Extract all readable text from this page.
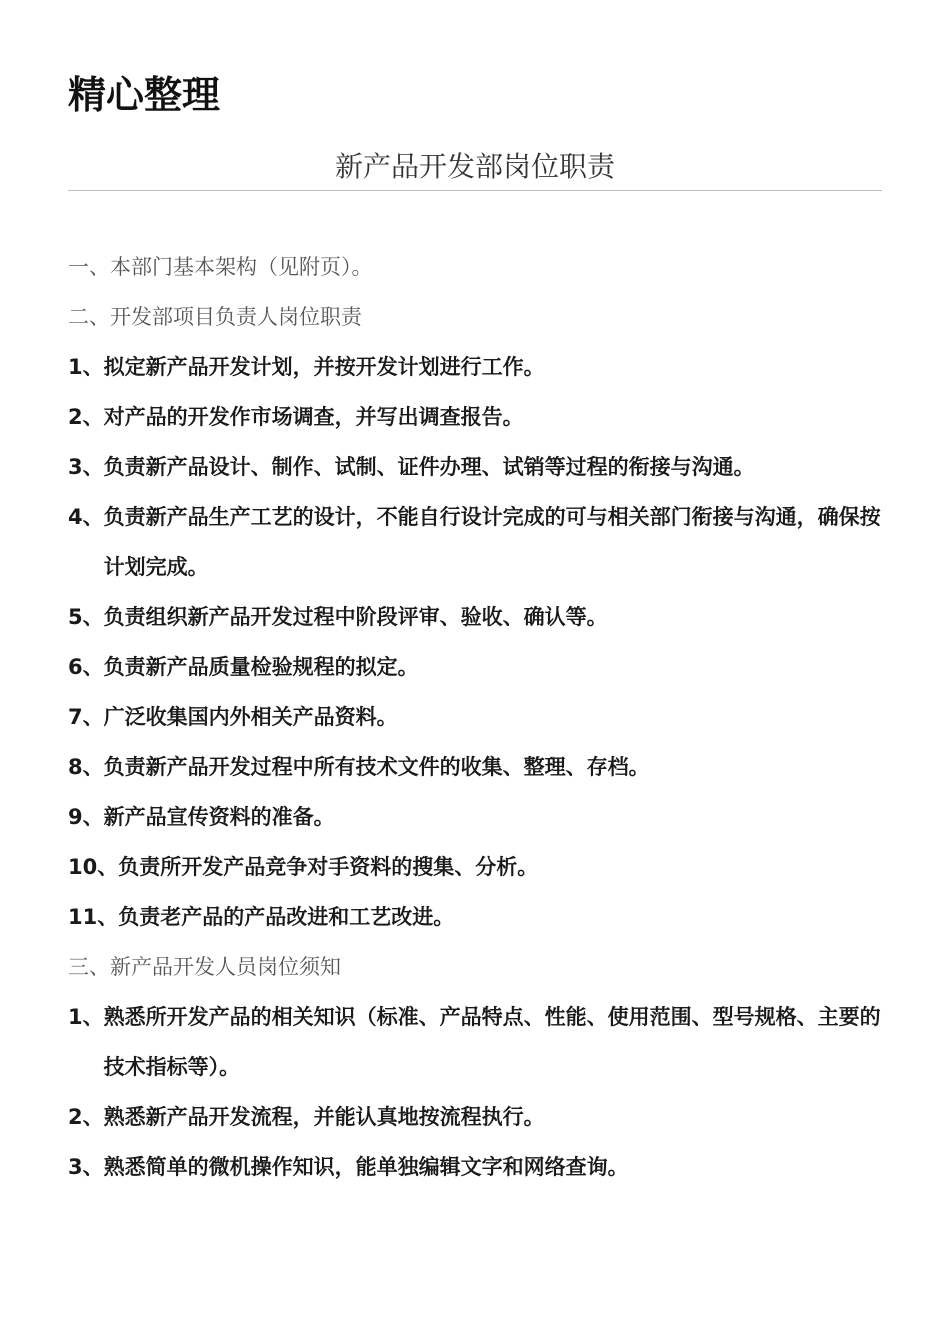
精心整理
新产品开发部岗位职责
一、本部门基本架构（见附页）。
二、开发部项目负责人岗位职责
1、 拟定新产品开发计划，并按开发计划进行工作。
2、 对产品的开发作市场调查，并写出调查报告。
3、 负责新产品设计、制作、试制、证件办理、试销等过程的衔接与沟通。
4、 负责新产品生产工艺的设计，不能自行设计完成的可与相关部门衔接与沟通，确保按计划完成。
5、 负责组织新产品开发过程中阶段评审、验收、确认等。
6、 负责新产品质量检验规程的拟定。
7、 广泛收集国内外相关产品资料。
8、 负责新产品开发过程中所有技术文件的收集、整理、存档。
9、 新产品宣传资料的准备。
10、 负责所开发产品竞争对手资料的搜集、分析。
11、 负责老产品的产品改进和工艺改进。
三、新产品开发人员岗位须知
1、 熟悉所开发产品的相关知识（标准、产品特点、性能、使用范围、型号规格、主要的技术指标等）。
2、 熟悉新产品开发流程，并能认真地按流程执行。
3、 熟悉简单的微机操作知识，能单独编辑文字和网络查询。
